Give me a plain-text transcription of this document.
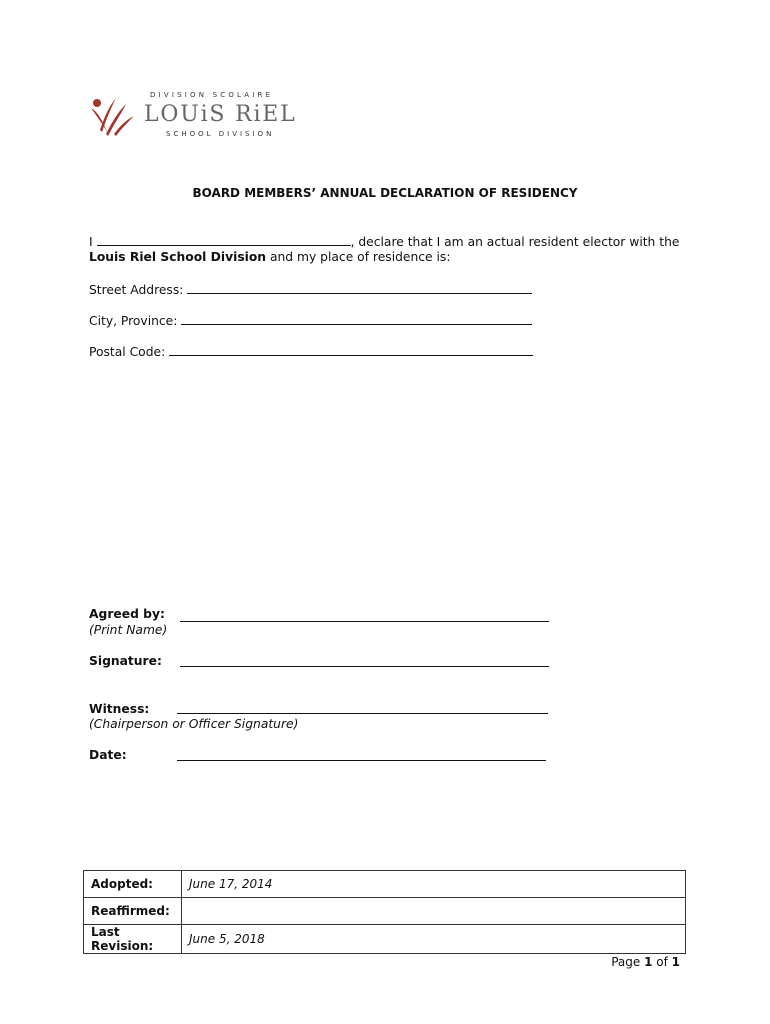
DIVISION SCOLAIRE
LOUiS RiEL
SCHOOL DIVISION
BOARD MEMBERS’ ANNUAL DECLARATION OF RESIDENCY
I	, declare that I am an actual resident elector with the
Louis Riel School Division and my place of residence is:
Street Address:
City, Province:
Postal Code:
Agreed by:
(Print Name)
Signature:
Witness:
(Chairperson or Officer Signature)
Date:
Adopted:	June 17, 2014
Reaffirmed:	
Last Revision:	June 5, 2018
Page 1 of 1
